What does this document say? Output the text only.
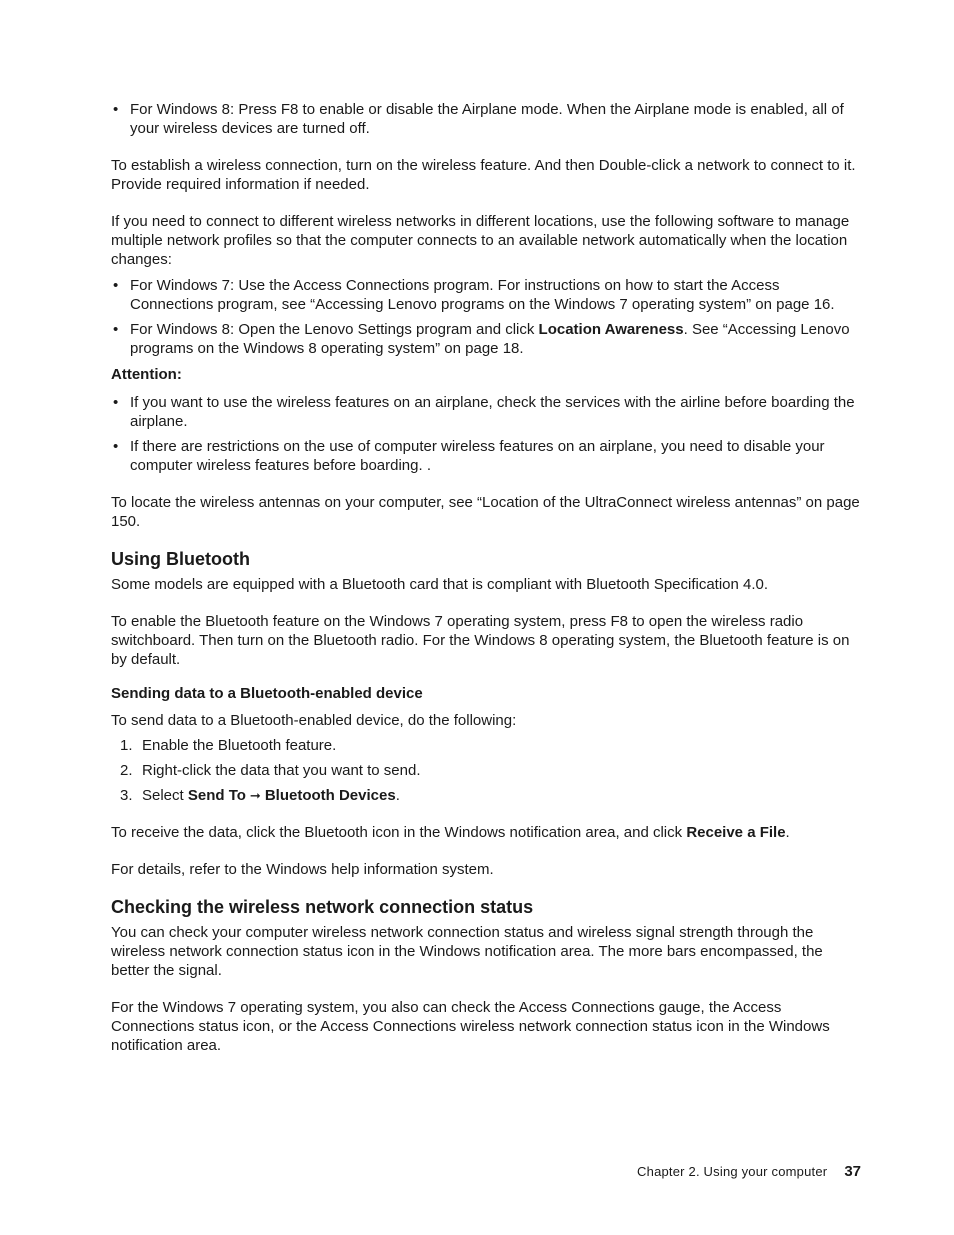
• For Windows 8: Press F8 to enable or disable the Airplane mode. When the Airplane mode is enabled, all of your wireless devices are turned off.

To establish a wireless connection, turn on the wireless feature. And then Double-click a network to connect to it. Provide required information if needed.

If you need to connect to different wireless networks in different locations, use the following software to manage multiple network profiles so that the computer connects to an available network automatically when the location changes:

• For Windows 7: Use the Access Connections program. For instructions on how to start the Access Connections program, see “Accessing Lenovo programs on the Windows 7 operating system” on page 16.
• For Windows 8: Open the Lenovo Settings program and click Location Awareness. See “Accessing Lenovo programs on the Windows 8 operating system” on page 18.

Attention:

• If you want to use the wireless features on an airplane, check the services with the airline before boarding the airplane.
• If there are restrictions on the use of computer wireless features on an airplane, you need to disable your computer wireless features before boarding. .

To locate the wireless antennas on your computer, see “Location of the UltraConnect wireless antennas” on page 150.

Using Bluetooth

Some models are equipped with a Bluetooth card that is compliant with Bluetooth Specification 4.0.

To enable the Bluetooth feature on the Windows 7 operating system, press F8 to open the wireless radio switchboard. Then turn on the Bluetooth radio. For the Windows 8 operating system, the Bluetooth feature is on by default.

Sending data to a Bluetooth-enabled device

To send data to a Bluetooth-enabled device, do the following:

1. Enable the Bluetooth feature.
2. Right-click the data that you want to send.
3. Select Send To ➞ Bluetooth Devices.

To receive the data, click the Bluetooth icon in the Windows notification area, and click Receive a File.

For details, refer to the Windows help information system.

Checking the wireless network connection status

You can check your computer wireless network connection status and wireless signal strength through the wireless network connection status icon in the Windows notification area. The more bars encompassed, the better the signal.

For the Windows 7 operating system, you also can check the Access Connections gauge, the Access Connections status icon, or the Access Connections wireless network connection status icon in the Windows notification area.

Chapter 2. Using your computer 37
